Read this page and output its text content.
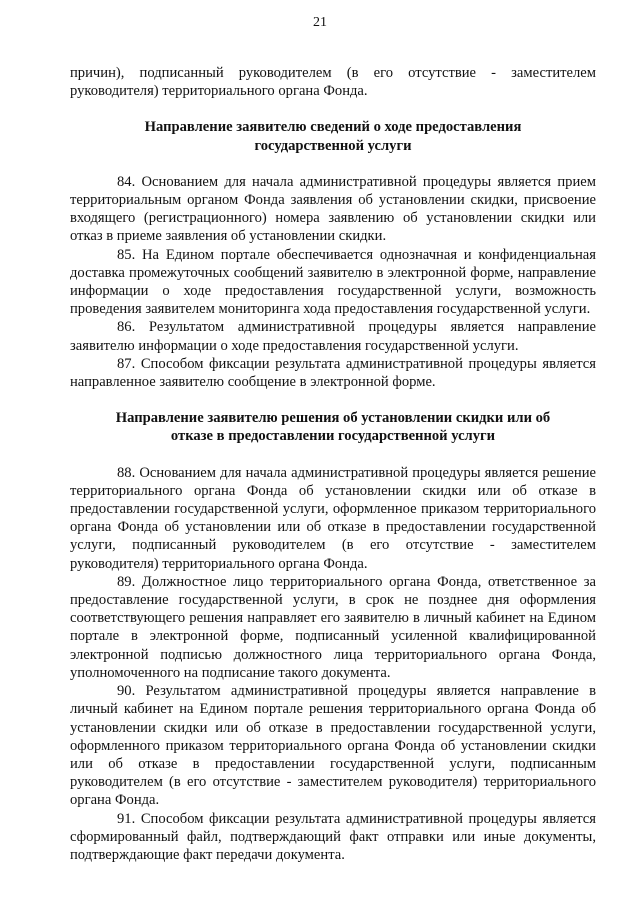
21

причин), подписанный руководителем (в его отсутствие - заместителем руководителя) территориального органа Фонда.

Направление заявителю сведений о ходе предоставления государственной услуги

84. Основанием для начала административной процедуры является прием территориальным органом Фонда заявления об установлении скидки, присвоение входящего (регистрационного) номера заявлению об установлении скидки или отказ в приеме заявления об установлении скидки.

85. На Едином портале обеспечивается однозначная и конфиденциальная доставка промежуточных сообщений заявителю в электронной форме, направление информации о ходе предоставления государственной услуги, возможность проведения заявителем мониторинга хода предоставления государственной услуги.

86. Результатом административной процедуры является направление заявителю информации о ходе предоставления государственной услуги.

87. Способом фиксации результата административной процедуры является направленное заявителю сообщение в электронной форме.

Направление заявителю решения об установлении скидки или об отказе в предоставлении государственной услуги

88. Основанием для начала административной процедуры является решение территориального органа Фонда об установлении скидки или об отказе в предоставлении государственной услуги, оформленное приказом территориального органа Фонда об установлении или об отказе в предоставлении государственной услуги, подписанный руководителем (в его отсутствие - заместителем руководителя) территориального органа Фонда.

89. Должностное лицо территориального органа Фонда, ответственное за предоставление государственной услуги, в срок не позднее дня оформления соответствующего решения направляет его заявителю в личный кабинет на Едином портале в электронной форме, подписанный усиленной квалифицированной электронной подписью должностного лица территориального органа Фонда, уполномоченного на подписание такого документа.

90. Результатом административной процедуры является направление в личный кабинет на Едином портале решения территориального органа Фонда об установлении скидки или об отказе в предоставлении государственной услуги, оформленного приказом территориального органа Фонда об установлении скидки или об отказе в предоставлении государственной услуги, подписанным руководителем (в его отсутствие - заместителем руководителя) территориального органа Фонда.

91. Способом фиксации результата административной процедуры является сформированный файл, подтверждающий факт отправки или иные документы, подтверждающие факт передачи документа.
